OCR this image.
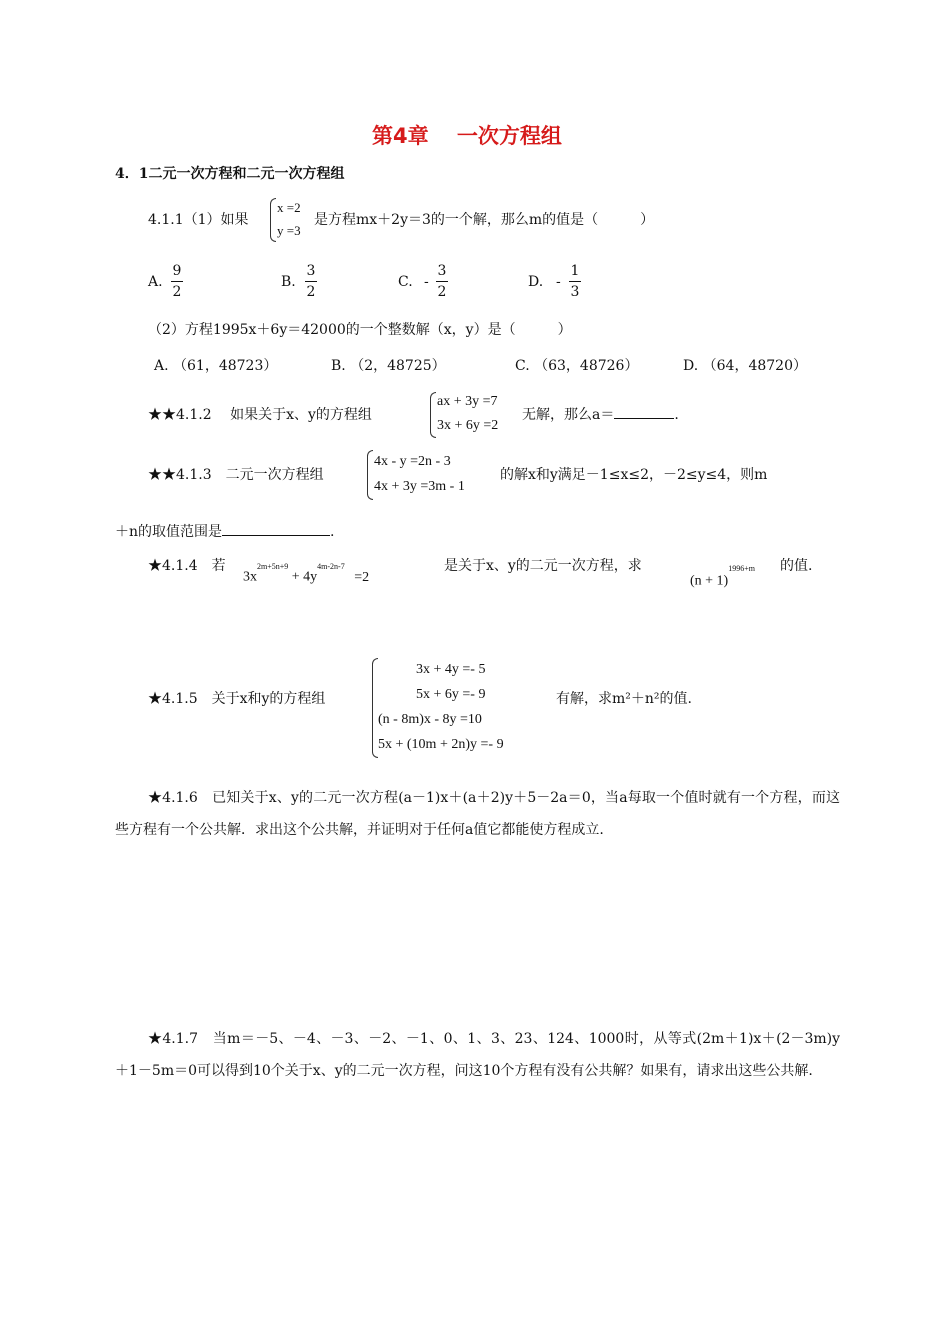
第4章　 一次方程组
4．1二元一次方程和二元一次方程组
4.1.1（1）如果
x =2
y =3
是方程mx＋2y＝3的一个解，那么m的值是（　　　）
A.
9
2
B.
3
2
C. -
3
2
D. -
1
3
（2）方程1995x＋6y＝42000的一个整数解（x，y）是（　　　）
A. （61，48723）	B. （2，48725）	C. （63，48726）	D. （64，48720）
★★4.1.2　 如果关于x、y的方程组
ax + 3y =7
3x + 6y =2
无解，那么a＝	.
★★4.1.3　二元一次方程组
4x - y =2n - 3
4x + 3y =3m - 1
的解x和y满足－1≤x≤2，－2≤y≤4，则m
＋n的取值范围是	.
★4.1.4　若
$3x^{2m+5n+9} + 4y^{4m-2n-7} =2$
是关于x、y的二元一次方程，求
$(n + 1)^{1996+m}$ 的值.
★4.1.5　关于x和y的方程组
3x + 4y =- 5
5x + 6y =- 9
(n - 8m)x - 8y =10
5x + (10m + 2n)y =- 9
有解，求m²＋n²的值.
★4.1.6　已知关于x、y的二元一次方程(a－1)x＋(a＋2)y＋5－2a＝0，当a每取一个值时就有一个方程，而这些方程有一个公共解．求出这个公共解，并证明对于任何a值它都能使方程成立.
★4.1.7　当m＝－5、－4、－3、－2、－1、0、1、3、23、124、1000时，从等式(2m＋1)x＋(2－3m)y＋1－5m＝0可以得到10个关于x、y的二元一次方程，问这10个方程有没有公共解？如果有，请求出这些公共解.
